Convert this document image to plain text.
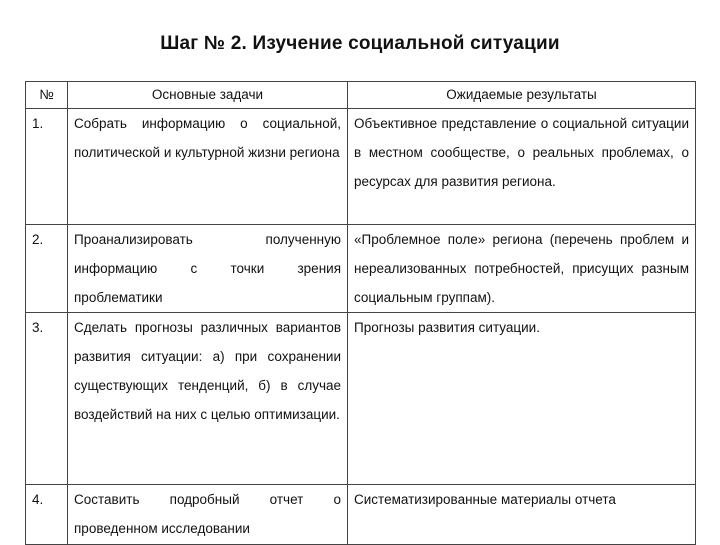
Шаг № 2. Изучение социальной ситуации
№	Основные задачи	Ожидаемые результаты
1.	Собрать информацию о социальной, политической и культурной жизни региона	Объективное представление о социальной ситуации в местном сообществе, о реальных проблемах, о ресурсах для развития региона.
2.	Проанализировать полученную информацию с точки зрения проблематики	«Проблемное поле» региона (перечень проблем и нереализованных потребностей, присущих разным социальным группам).
3.	Сделать прогнозы различных вариантов развития ситуации: а) при сохранении существующих тенденций, б) в случае воздействий на них с целью оптимизации.	Прогнозы развития ситуации.
4.	Составить подробный отчет о проведенном исследовании	Систематизированные материалы отчета
